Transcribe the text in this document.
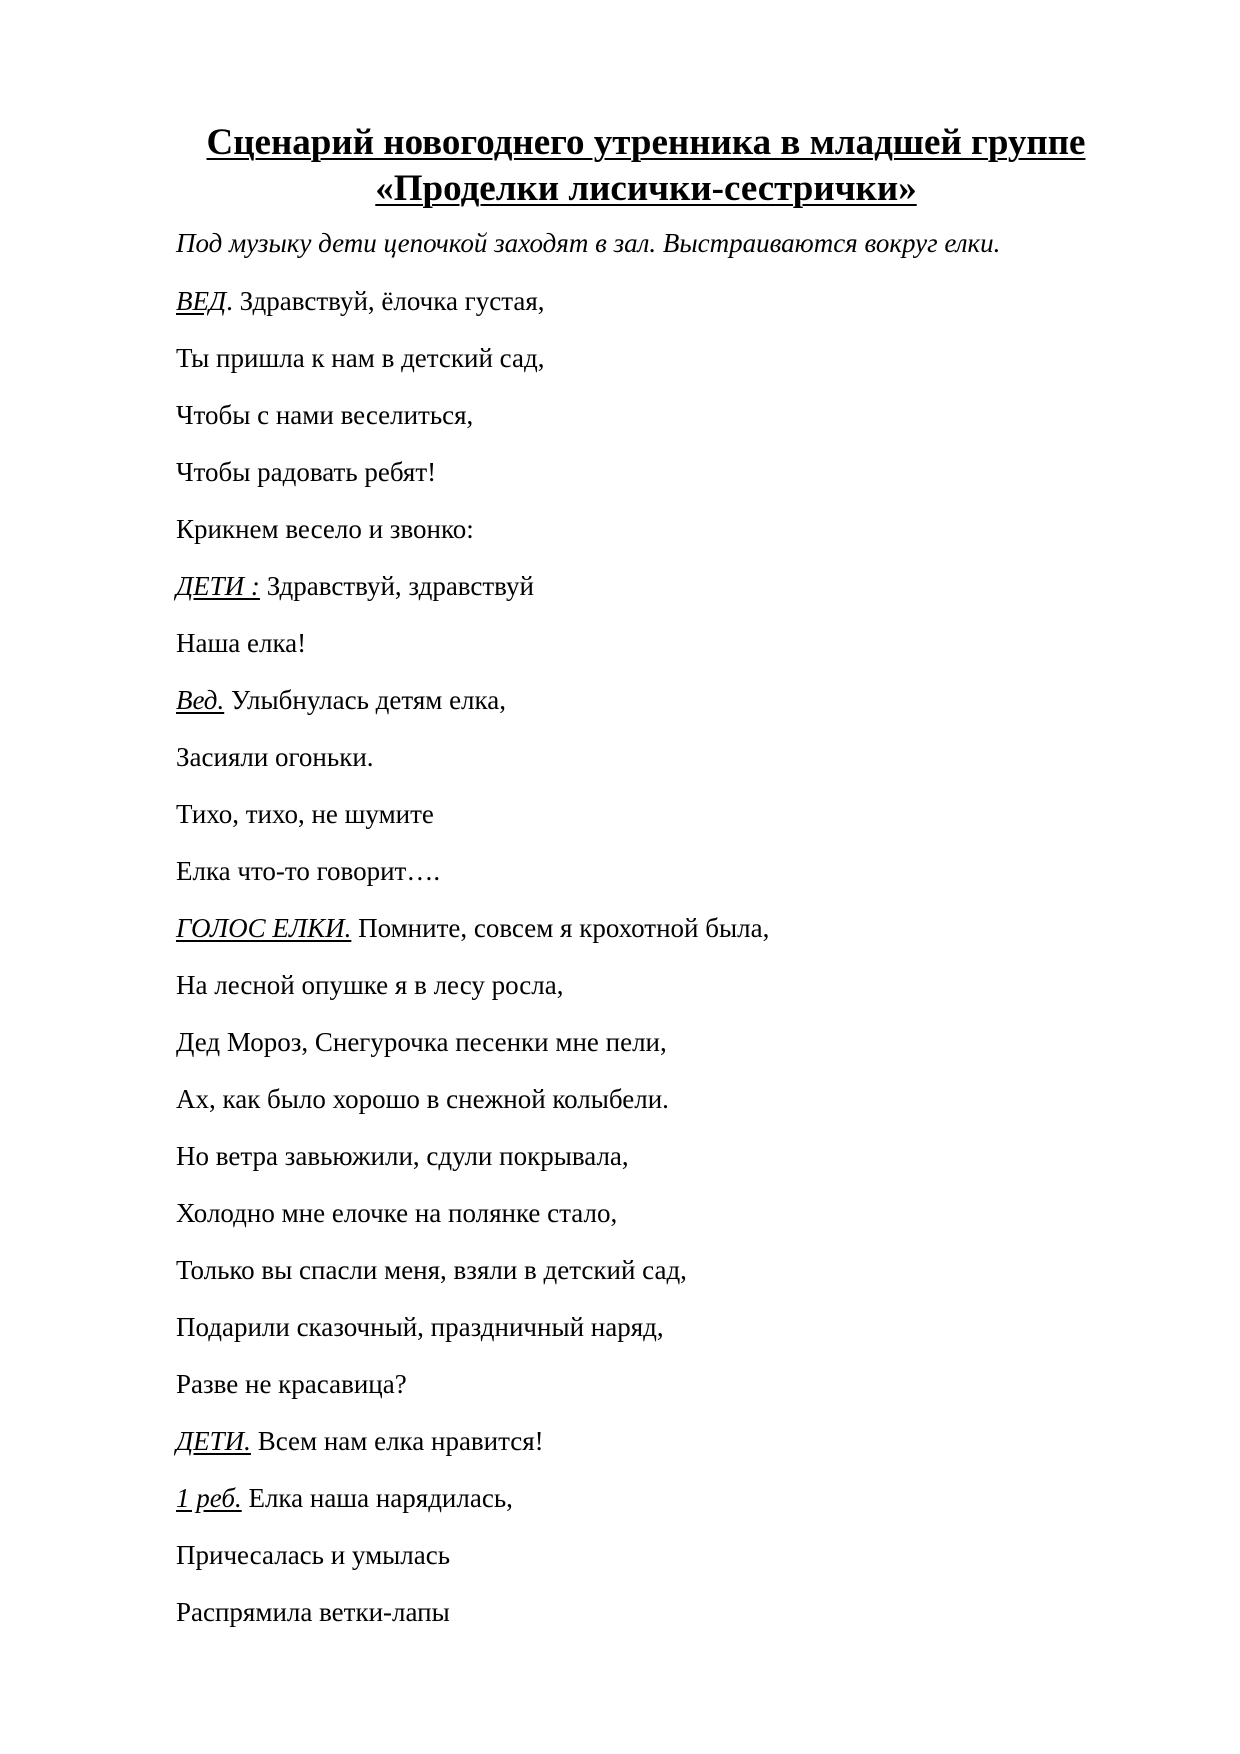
Сценарий новогоднего утренника в младшей группе
«Проделки лисички-сестрички»
Под музыку дети цепочкой заходят в зал. Выстраиваются вокруг елки.
ВЕД. Здравствуй, ёлочка густая,
Ты пришла к нам в детский сад,
Чтобы с нами веселиться,
Чтобы радовать ребят!
Крикнем весело и звонко:
ДЕТИ : Здравствуй, здравствуй
Наша елка!
Вед. Улыбнулась детям елка,
Засияли огоньки.
Тихо, тихо, не шумите
Елка что-то говорит….
ГОЛОС ЕЛКИ. Помните, совсем я крохотной была,
На лесной опушке я в лесу росла,
Дед Мороз, Снегурочка песенки мне пели,
Ах, как было хорошо в снежной колыбели.
Но ветра завьюжили, сдули покрывала,
Холодно мне елочке на полянке стало,
Только вы спасли меня, взяли в детский сад,
Подарили сказочный, праздничный наряд,
Разве не красавица?
ДЕТИ. Всем нам елка нравится!
1 реб. Елка наша нарядилась,
Причесалась и умылась
Распрямила ветки-лапы
